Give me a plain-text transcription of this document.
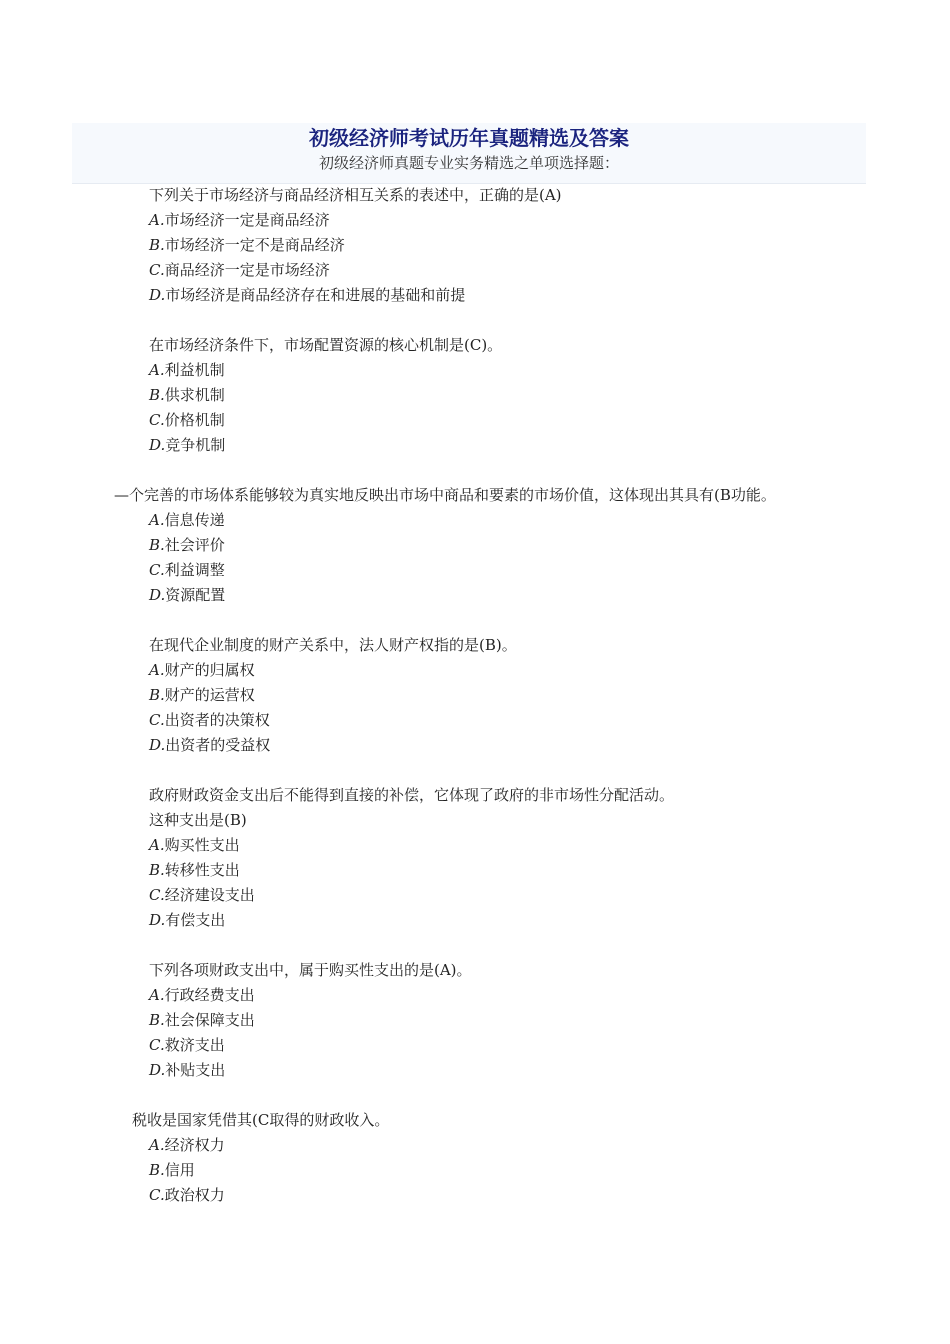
初级经济师考试历年真题精选及答案
初级经济师真题专业实务精选之单项选择题：
下列关于市场经济与商品经济相互关系的表述中，正确的是(A)
A.市场经济一定是商品经济
B.市场经济一定不是商品经济
C.商品经济一定是市场经济
D.市场经济是商品经济存在和进展的基础和前提
在市场经济条件下，市场配置资源的核心机制是(C)。
A.利益机制
B.供求机制
C.价格机制
D.竞争机制
—个完善的市场体系能够较为真实地反映出市场中商品和要素的市场价值，这体现出其具有(B功能。
A.信息传递
B.社会评价
C.利益调整
D.资源配置
在现代企业制度的财产关系中，法人财产权指的是(B)。
A.财产的归属权
B.财产的运营权
C.出资者的决策权
D.出资者的受益权
政府财政资金支出后不能得到直接的补偿，它体现了政府的非市场性分配活动。
这种支出是(B)
A.购买性支出
B.转移性支出
C.经济建设支出
D.有偿支出
下列各项财政支出中，属于购买性支出的是(A)。
A.行政经费支出
B.社会保障支出
C.救济支出
D.补贴支出
税收是国家凭借其(C取得的财政收入。
A.经济权力
B.信用
C.政治权力
